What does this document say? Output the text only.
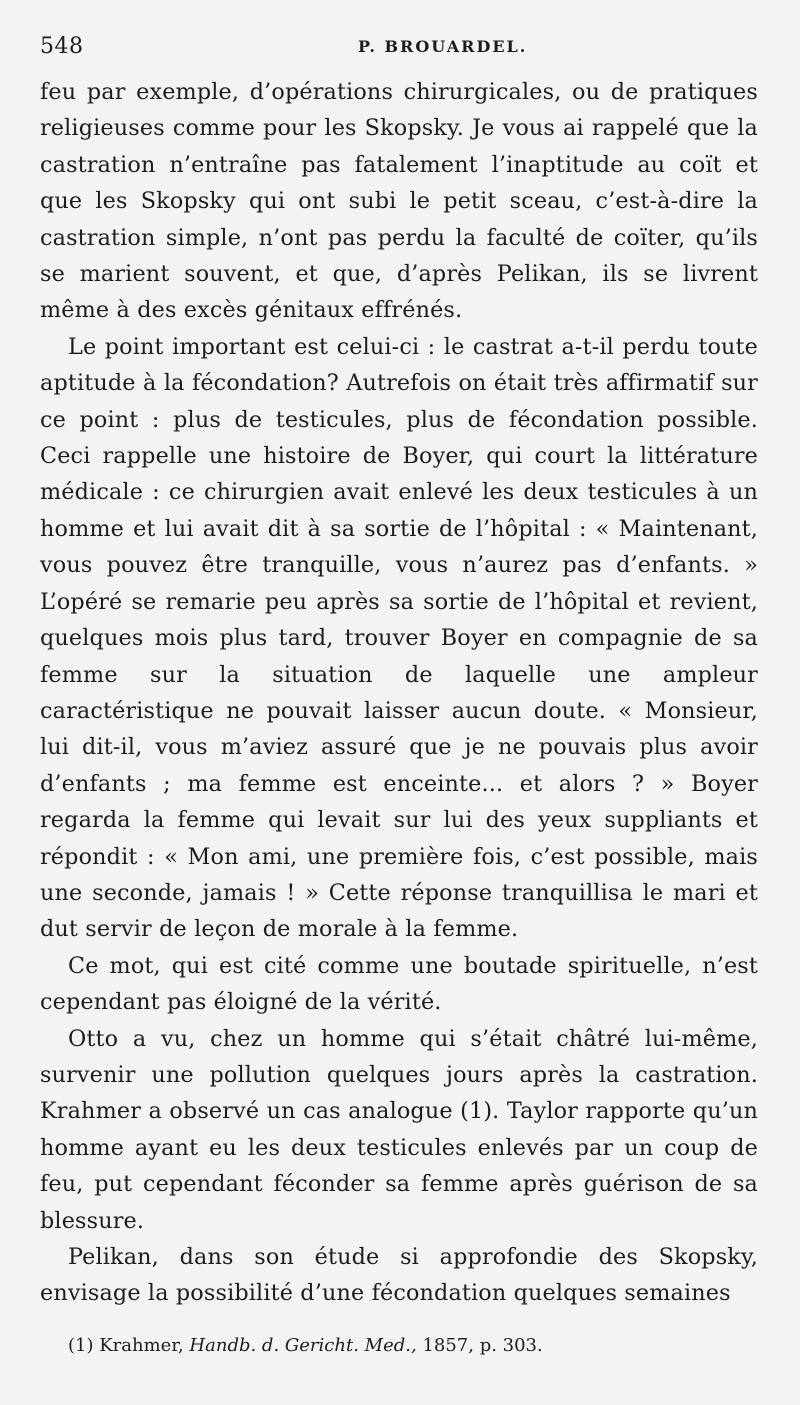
548	P. BROUARDEL.

feu par exemple, d’opérations chirurgicales, ou de pratiques religieuses comme pour les Skopsky. Je vous ai rappelé que la castration n’entraîne pas fatalement l’inaptitude au coït et que les Skopsky qui ont subi le petit sceau, c’est-à-dire la castration simple, n’ont pas perdu la faculté de coïter, qu’ils se marient souvent, et que, d’après Pelikan, ils se livrent même à des excès génitaux effrénés.

Le point important est celui-ci : le castrat a-t-il perdu toute aptitude à la fécondation? Autrefois on était très affirmatif sur ce point : plus de testicules, plus de fécondation possible. Ceci rappelle une histoire de Boyer, qui court la littérature médicale : ce chirurgien avait enlevé les deux testicules à un homme et lui avait dit à sa sortie de l’hôpital : « Maintenant, vous pouvez être tranquille, vous n’aurez pas d’enfants. » L’opéré se remarie peu après sa sortie de l’hôpital et revient, quelques mois plus tard, trouver Boyer en compagnie de sa femme sur la situation de laquelle une ampleur caractéristique ne pouvait laisser aucun doute. « Monsieur, lui dit-il, vous m’aviez assuré que je ne pouvais plus avoir d’enfants ; ma femme est enceinte... et alors ? » Boyer regarda la femme qui levait sur lui des yeux suppliants et répondit : « Mon ami, une première fois, c’est possible, mais une seconde, jamais ! » Cette réponse tranquillisa le mari et dut servir de leçon de morale à la femme.

Ce mot, qui est cité comme une boutade spirituelle, n’est cependant pas éloigné de la vérité.

Otto a vu, chez un homme qui s’était châtré lui-même, survenir une pollution quelques jours après la castration. Krahmer a observé un cas analogue (1). Taylor rapporte qu’un homme ayant eu les deux testicules enlevés par un coup de feu, put cependant féconder sa femme après guérison de sa blessure.

Pelikan, dans son étude si approfondie des Skopsky, envisage la possibilité d’une fécondation quelques semaines

(1) Krahmer, Handb. d. Gericht. Med., 1857, p. 303.
